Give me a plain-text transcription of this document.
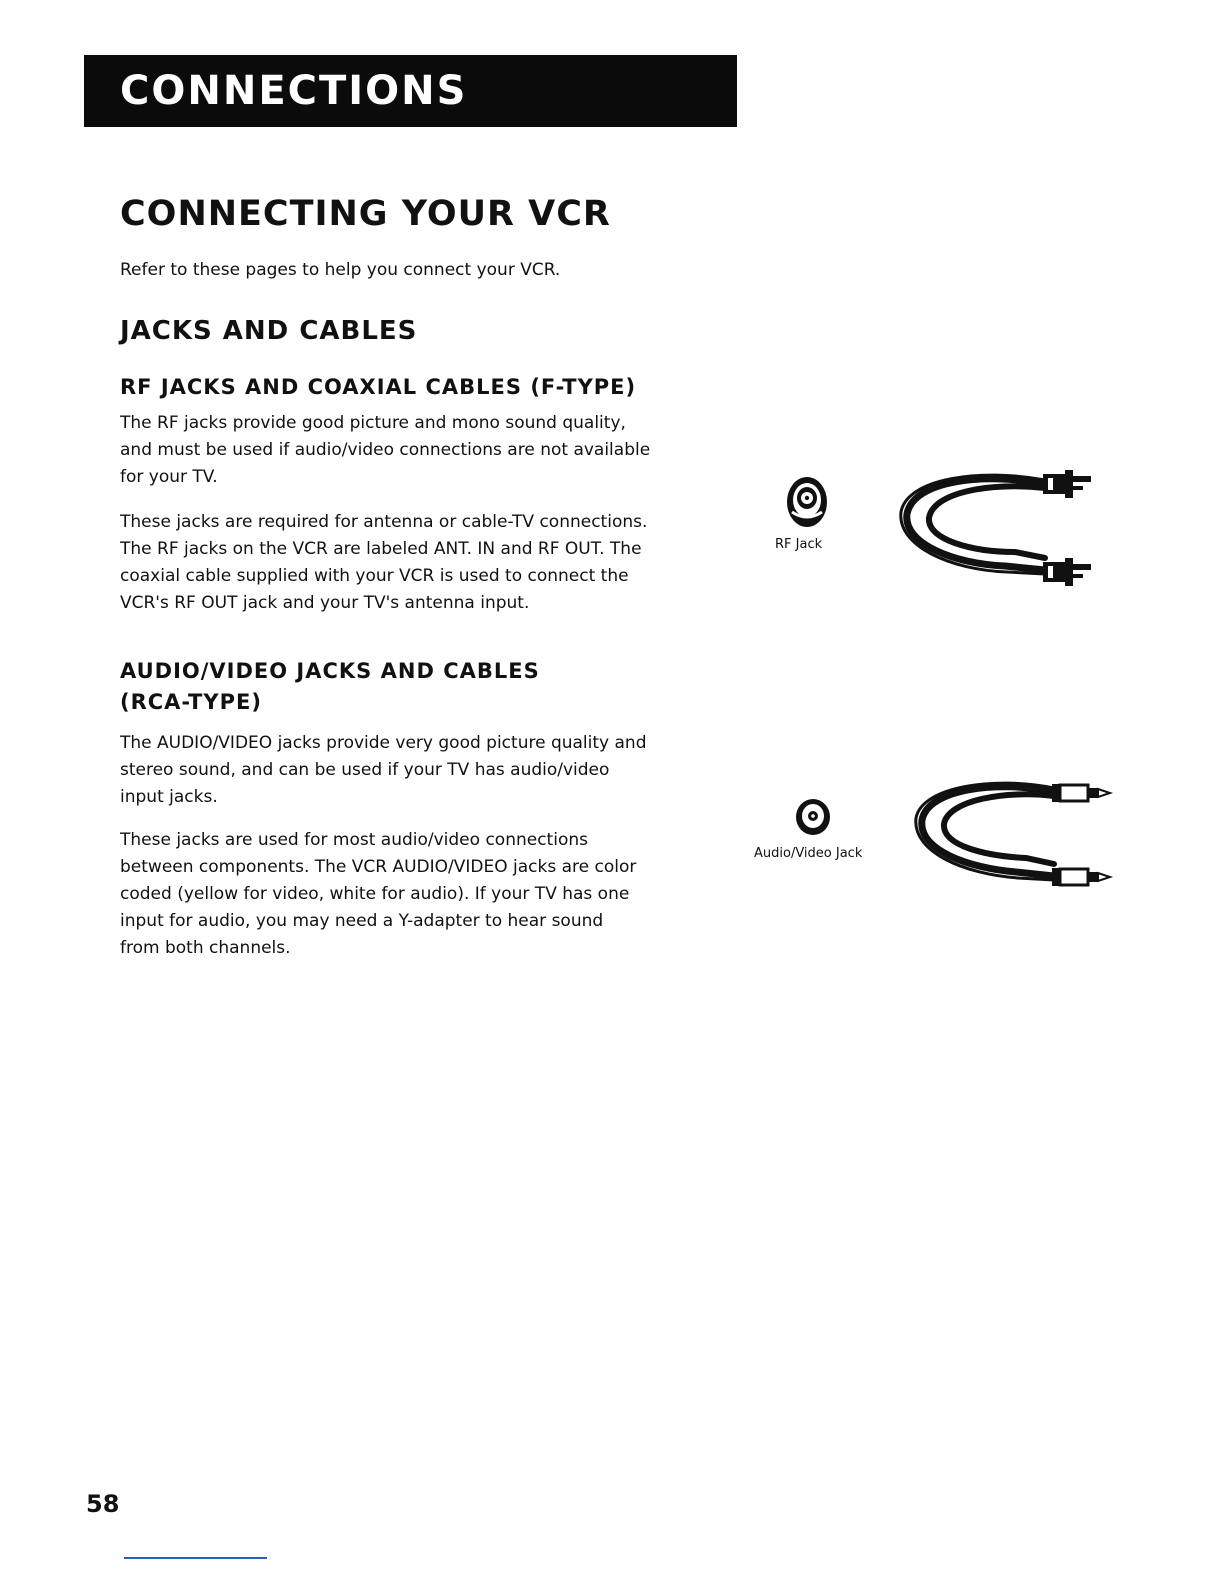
CONNECTIONS
CONNECTING YOUR VCR
Refer to these pages to help you connect your VCR.
JACKS AND CABLES
RF JACKS AND COAXIAL CABLES (F-TYPE)
The RF jacks provide good picture and mono sound quality,
and must be used if audio/video connections are not available
for your TV.
These jacks are required for antenna or cable-TV connections.
The RF jacks on the VCR are labeled ANT. IN and RF OUT. The
coaxial cable supplied with your VCR is used to connect the
VCR's RF OUT jack and your TV's antenna input.
RF Jack
AUDIO/VIDEO JACKS AND CABLES
(RCA-TYPE)
The AUDIO/VIDEO jacks provide very good picture quality and
stereo sound, and can be used if your TV has audio/video
input jacks.
These jacks are used for most audio/video connections
between components. The VCR AUDIO/VIDEO jacks are color
coded (yellow for video, white for audio). If your TV has one
input for audio, you may need a Y-adapter to hear sound
from both channels.
Audio/Video Jack
58
